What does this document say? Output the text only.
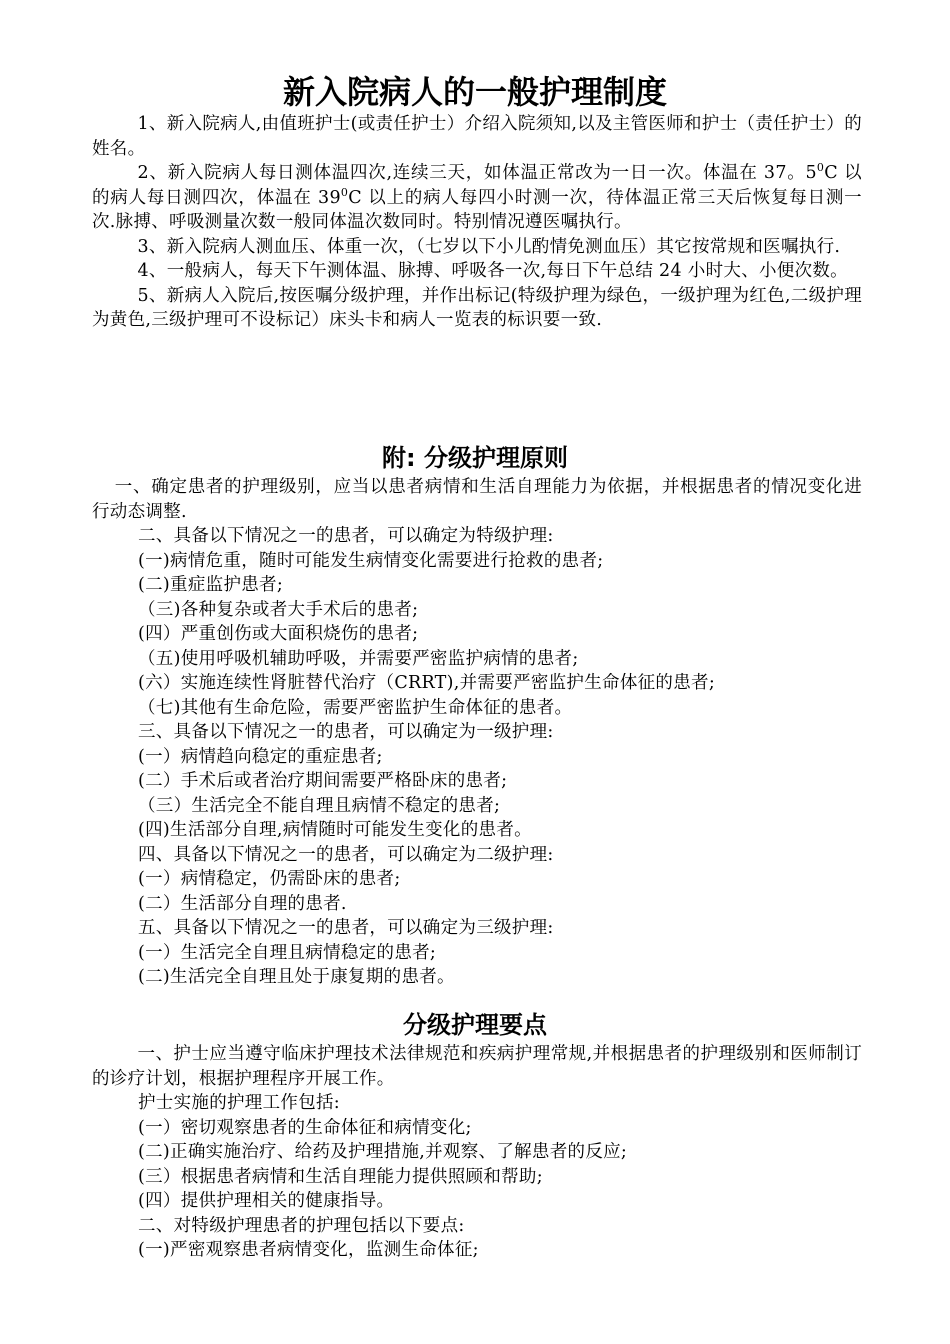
新入院病人的一般护理制度

1、新入院病人,由值班护士(或责任护士）介绍入院须知,以及主管医师和护士（责任护士）的姓名。

2、新入院病人每日测体温四次,连续三天，如体温正常改为一日一次。体温在 37。$5^0C$ 以的病人每日测四次，体温在 $39^0C$ 以上的病人每四小时测一次，待体温正常三天后恢复每日测一次.脉搏、呼吸测量次数一般同体温次数同时。特别情况遵医嘱执行。

3、新入院病人测血压、体重一次，（七岁以下小儿酌情免测血压）其它按常规和医嘱执行.

4、一般病人，每天下午测体温、脉搏、呼吸各一次,每日下午总结 24 小时大、小便次数。

5、新病人入院后,按医嘱分级护理，并作出标记(特级护理为绿色，一级护理为红色,二级护理为黄色,三级护理可不设标记）床头卡和病人一览表的标识要一致.

附: 分级护理原则

一、确定患者的护理级别，应当以患者病情和生活自理能力为依据，并根据患者的情况变化进行动态调整.

二、具备以下情况之一的患者，可以确定为特级护理:

(一)病情危重，随时可能发生病情变化需要进行抢救的患者;

(二)重症监护患者;

（三)各种复杂或者大手术后的患者;

(四）严重创伤或大面积烧伤的患者;

（五)使用呼吸机辅助呼吸，并需要严密监护病情的患者;

(六）实施连续性肾脏替代治疗（CRRT),并需要严密监护生命体征的患者;

（七)其他有生命危险，需要严密监护生命体征的患者。

三、具备以下情况之一的患者，可以确定为一级护理:

(一）病情趋向稳定的重症患者;

(二）手术后或者治疗期间需要严格卧床的患者;

（三）生活完全不能自理且病情不稳定的患者;

(四)生活部分自理,病情随时可能发生变化的患者。

四、具备以下情况之一的患者，可以确定为二级护理:

(一）病情稳定，仍需卧床的患者;

(二）生活部分自理的患者.

五、具备以下情况之一的患者，可以确定为三级护理:

(一）生活完全自理且病情稳定的患者;

(二)生活完全自理且处于康复期的患者。

分级护理要点

一、护士应当遵守临床护理技术法律规范和疾病护理常规,并根据患者的护理级别和医师制订的诊疗计划，根据护理程序开展工作。

护士实施的护理工作包括:

(一）密切观察患者的生命体征和病情变化;

(二)正确实施治疗、给药及护理措施,并观察、了解患者的反应;

(三）根据患者病情和生活自理能力提供照顾和帮助;

(四）提供护理相关的健康指导。

二、对特级护理患者的护理包括以下要点:

(一)严密观察患者病情变化，监测生命体征;
